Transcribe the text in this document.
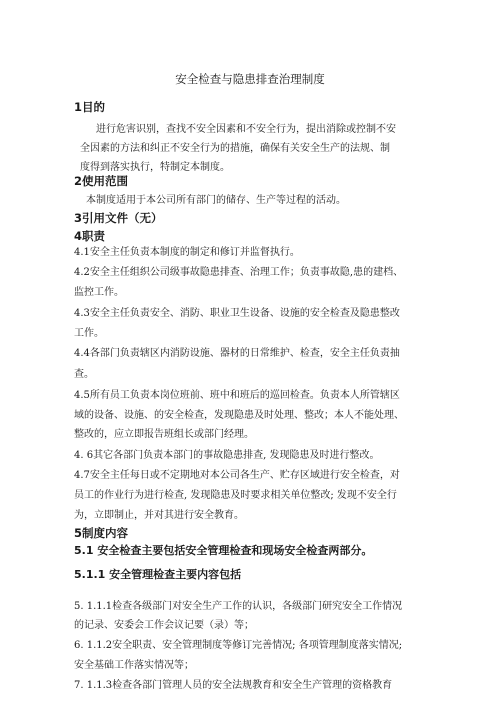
安全检查与隐患排查治理制度
1目的
进行危害识别，查找不安全因素和不安全行为，提出消除或控制不安
全因素的方法和纠正不安全行为的措施，确保有关安全生产的法规、制
度得到落实执行，特制定本制度。
2使用范围
本制度适用于本公司所有部门的储存、生产等过程的活动。
3引用文件（无）
4职责
4.1安全主任负责本制度的制定和修订并监督执行。
4.2安全主任组织公司级事故隐患排查、治理工作；负责事故隐,患的建档、
监控工作。
4.3安全主任负责安全、消防、职业卫生设备、设施的安全检查及隐患整改
工作。
4.4各部门负责辖区内消防设施、器材的日常维护、检查，安全主任负责抽
查。
4.5所有员工负责本岗位班前、班中和班后的巡回检查。负责本人所管辖区
域的设备、设施、的安全检查，发现隐患及时处理、整改；本人不能处理、
整改的，应立即报告班组长或部门经理。
4. 6其它各部门负责本部门的事故隐患排查, 发现隐患及时进行整改。
4.7安全主任每日或不定期地对本公司各生产、贮存区域进行安全检查，对
员工的作业行为进行检查, 发现隐患及时要求相关单位整改; 发现不安全行
为，立即制止，并对其进行安全教育。
5制度内容
5.1 安全检查主要包括安全管理检查和现场安全检查两部分。
5.1.1 安全管理检查主要内容包括
5. 1.1.1检查各级部门对安全生产工作的认识，各级部门研究安全工作情况
的记录、安委会工作会议记要（录）等；
6. 1.1.2安全职责、安全管理制度等修订完善情况; 各项管理制度落实情况;
安全基础工作落实情况等；
7. 1.1.3检查各部门管理人员的安全法规教育和安全生产管理的资格教育
